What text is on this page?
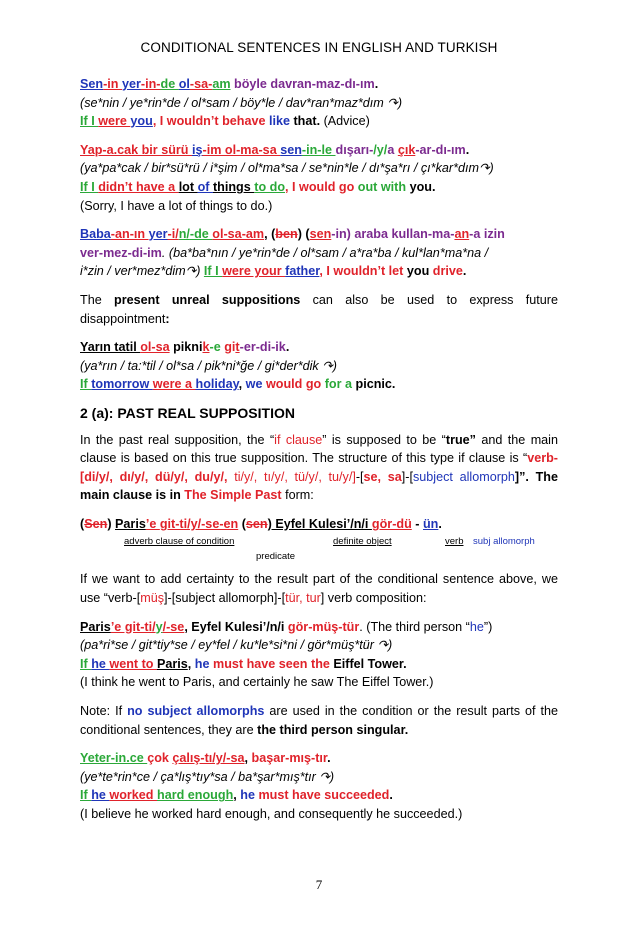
CONDITIONAL SENTENCES IN ENGLISH AND TURKISH
Sen-in yer-in-de ol-sa-am böyle davran-maz-dı-ım.
(se*nin / ye*rin*de / ol*sam / böy*le / dav*ran*maz*dım ↷)
If I were you, I wouldn’t behave like that. (Advice)
Yap-a.cak bir sürü iş-im ol-ma-sa sen-in-le dışarı-/y/a çık-ar-dı-ım.
(ya*pa*cak / bir*sü*rü / i*şim / ol*ma*sa / se*nin*le / dı*şa*rı / çı*kar*dım↷)
If I didn’t have a lot of things to do, I would go out with you.
(Sorry, I have a lot of things to do.)
Baba-an-ın yer-i/n/-de ol-sa-am, (ben) (sen-in) araba kullan-ma-an-a izin
ver-mez-di-im. (ba*ba*nın / ye*rin*de / ol*sam / a*ra*ba / kul*lan*ma*na /
i*zin / ver*mez*dim↷) If I were your father, I wouldn’t let you drive.
The present unreal suppositions can also be used to express future disappointment:
Yarın tatil ol-sa piknik-e git-er-di-ik.
(ya*rın / ta:*til / ol*sa / pik*ni*ğe / gi*der*dik ↷)
If tomorrow were a holiday, we would go for a picnic.
2 (a): PAST REAL SUPPOSITION
In the past real supposition, the “if clause” is supposed to be “true” and the main clause is based on this true supposition. The structure of this type if clause is “verb-[di/y/, dı/y/, dü/y/, du/y/, ti/y/, tı/y/, tü/y/, tu/y/]-[se, sa]-[subject allomorph]”. The main clause is in The Simple Past form:
(Sen) Paris’e git-ti/y/-se-en (sen) Eyfel Kulesi’/n/i gör-dü - ün.
adverb clause of condition	definite object	verb subj allomorph
predicate
If we want to add certainty to the result part of the conditional sentence above, we use “verb-[müş]-[subject allomorph]-[tür, tur] verb composition:
Paris’e git-ti/y/-se, Eyfel Kulesi’/n/i gör-müş-tür. (The third person “he”)
(pa*ri*se / git*tiy*se / ey*fel / ku*le*si*ni / gör*müş*tür ↷)
If he went to Paris, he must have seen the Eiffel Tower.
(I think he went to Paris, and certainly he saw The Eiffel Tower.)
Note: If no subject allomorphs are used in the condition or the result parts of the conditional sentences, they are the third person singular.
Yeter-in.ce çok çalış-tı/y/-sa, başar-mış-tır.
(ye*te*rin*ce / ça*lış*tıy*sa / ba*şar*mış*tır ↷)
If he worked hard enough, he must have succeeded.
(I believe he worked hard enough, and consequently he succeeded.)
7
